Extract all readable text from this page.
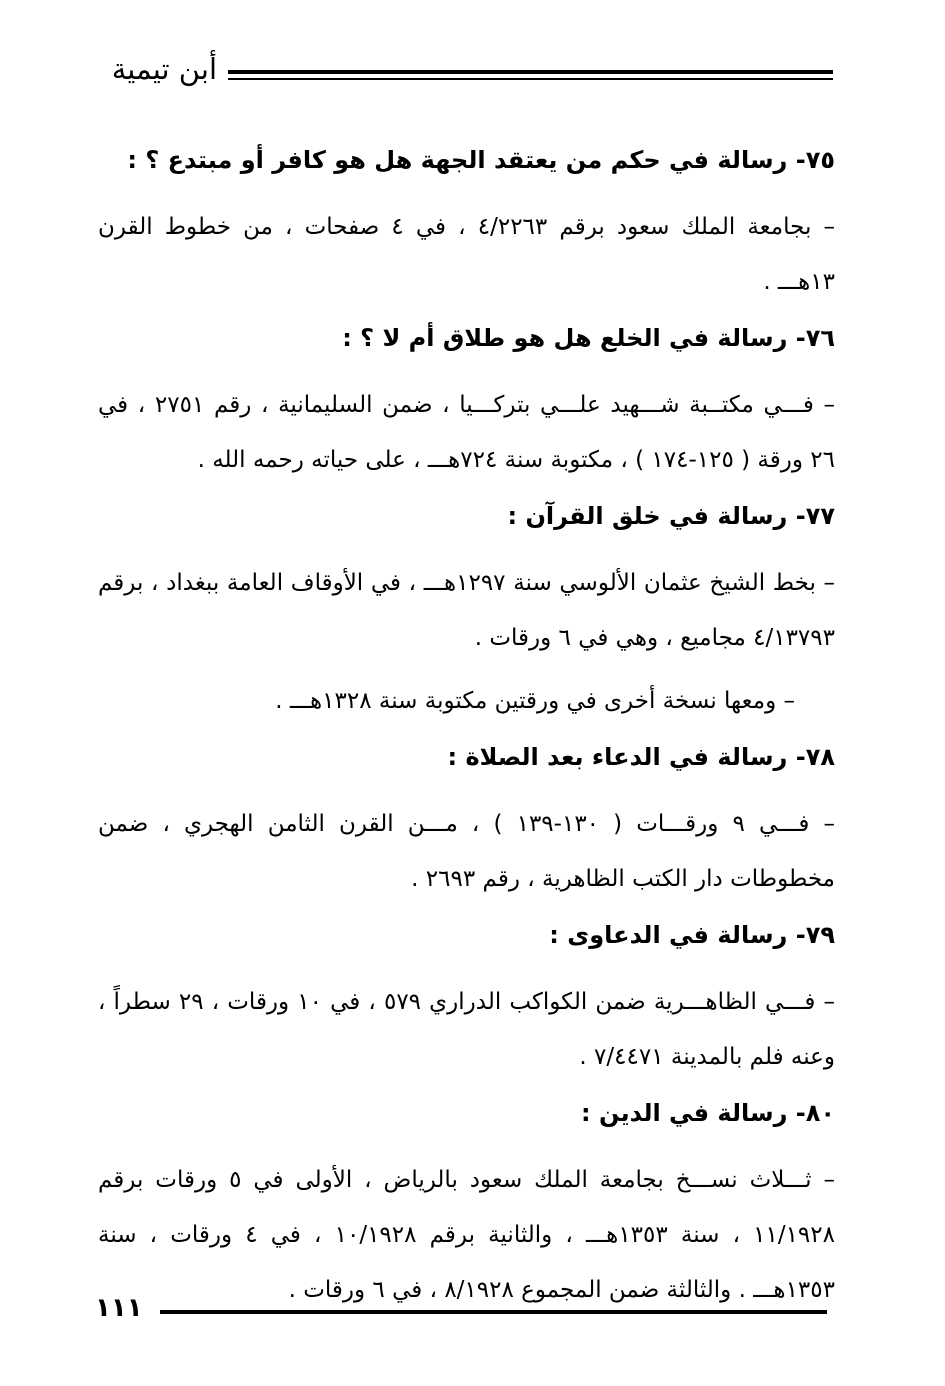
أبن تيمية

٧٥- رسالة في حكم من يعتقد الجهة هل هو كافر أو مبتدع ؟ :

– بجامعة الملك سعود برقم ٤/٢٢٦٣ ، في ٤ صفحات ، من خطوط القرن ١٣هـــ .

٧٦- رسالة في الخلع هل هو طلاق أم لا ؟ :

– فـــي مكتــبة شـــهيد علـــي بتركـــيا ، ضمن السليمانية ، رقم ٢٧٥١ ، في ٢٦ ورقة ( ١٢٥-١٧٤ ) ، مكتوبة سنة ٧٢٤هـــ ، على حياته رحمه الله .

٧٧- رسالة في خلق القرآن :

– بخط الشيخ عثمان الألوسي سنة ١٢٩٧هـــ ، في الأوقاف العامة ببغداد ، برقم ٤/١٣٧٩٣ مجاميع ، وهي في ٦ ورقات .

– ومعها نسخة أخرى في ورقتين مكتوبة سنة ١٣٢٨هـــ .

٧٨- رسالة في الدعاء بعد الصلاة :

– فـــي ٩ ورقـــات ( ١٣٠-١٣٩ ) ، مـــن القرن الثامن الهجري ، ضمن مخطوطات دار الكتب الظاهرية ، رقم ٢٦٩٣ .

٧٩- رسالة في الدعاوى :

– فـــي الظاهـــرية ضمن الكواكب الدراري ٥٧٩ ، في ١٠ ورقات ، ٢٩ سطراً ، وعنه فلم بالمدينة ٧/٤٤٧١ .

٨٠- رسالة في الدين :

– ثـــلاث نســـخ بجامعة الملك سعود بالرياض ، الأولى في ٥ ورقات برقم ١١/١٩٢٨ ، سنة ١٣٥٣هـــ ، والثانية برقم ١٠/١٩٢٨ ، في ٤ ورقات ، سنة ١٣٥٣هـــ . والثالثة ضمن المجموع ٨/١٩٢٨ ، في ٦ ورقات .

١١١
